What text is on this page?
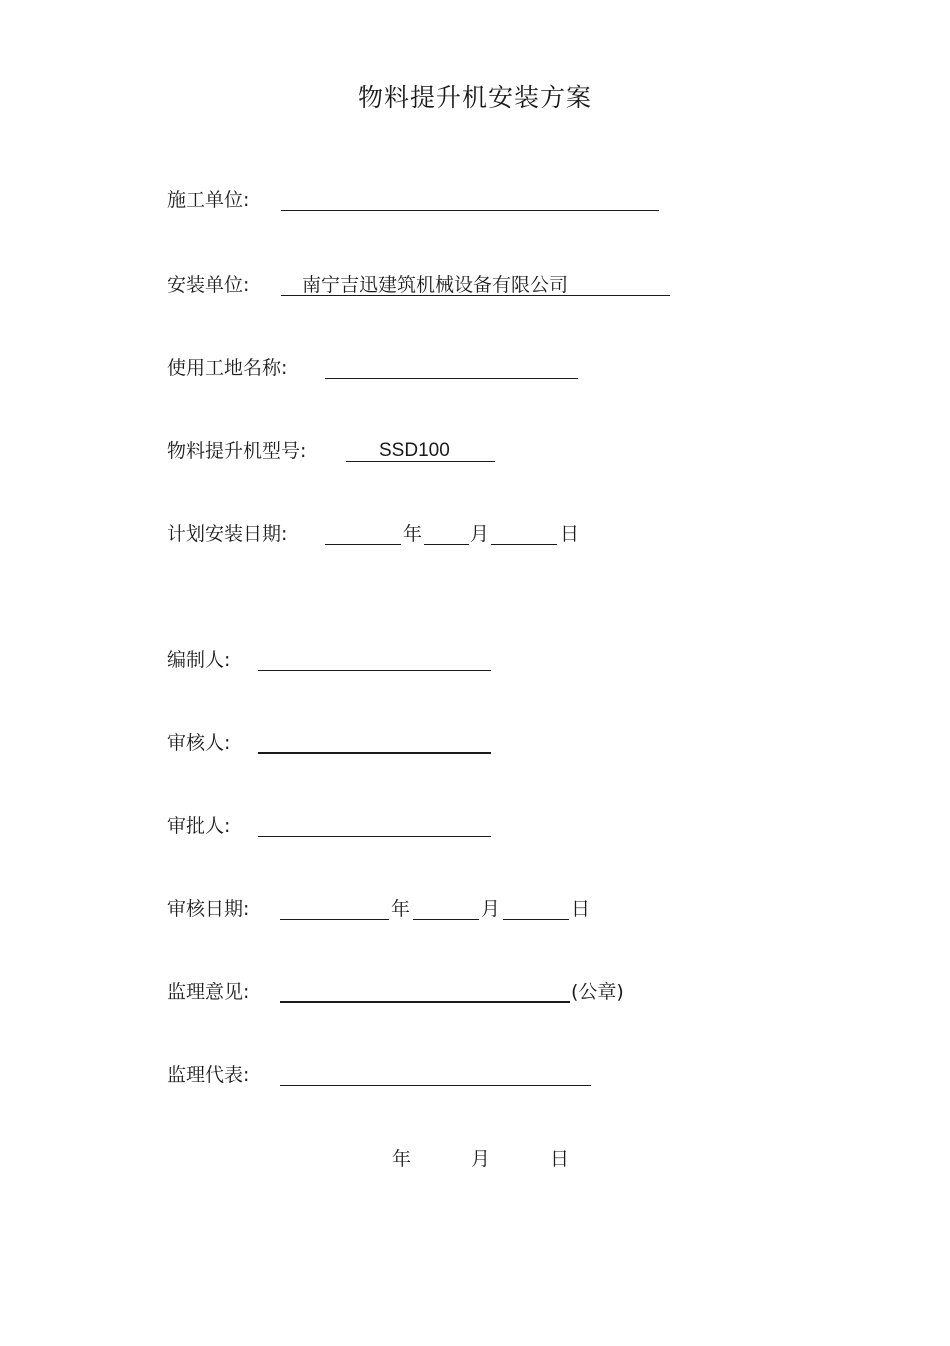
物料提升机安装方案
施工单位:
安装单位:	南宁吉迅建筑机械设备有限公司
使用工地名称:
物料提升机型号:	SSD100
计划安装日期:	年	月	日
编制人:
审核人:
审批人:
审核日期:	年	月	日
监理意见:	(公章)
监理代表:
年	月	日
